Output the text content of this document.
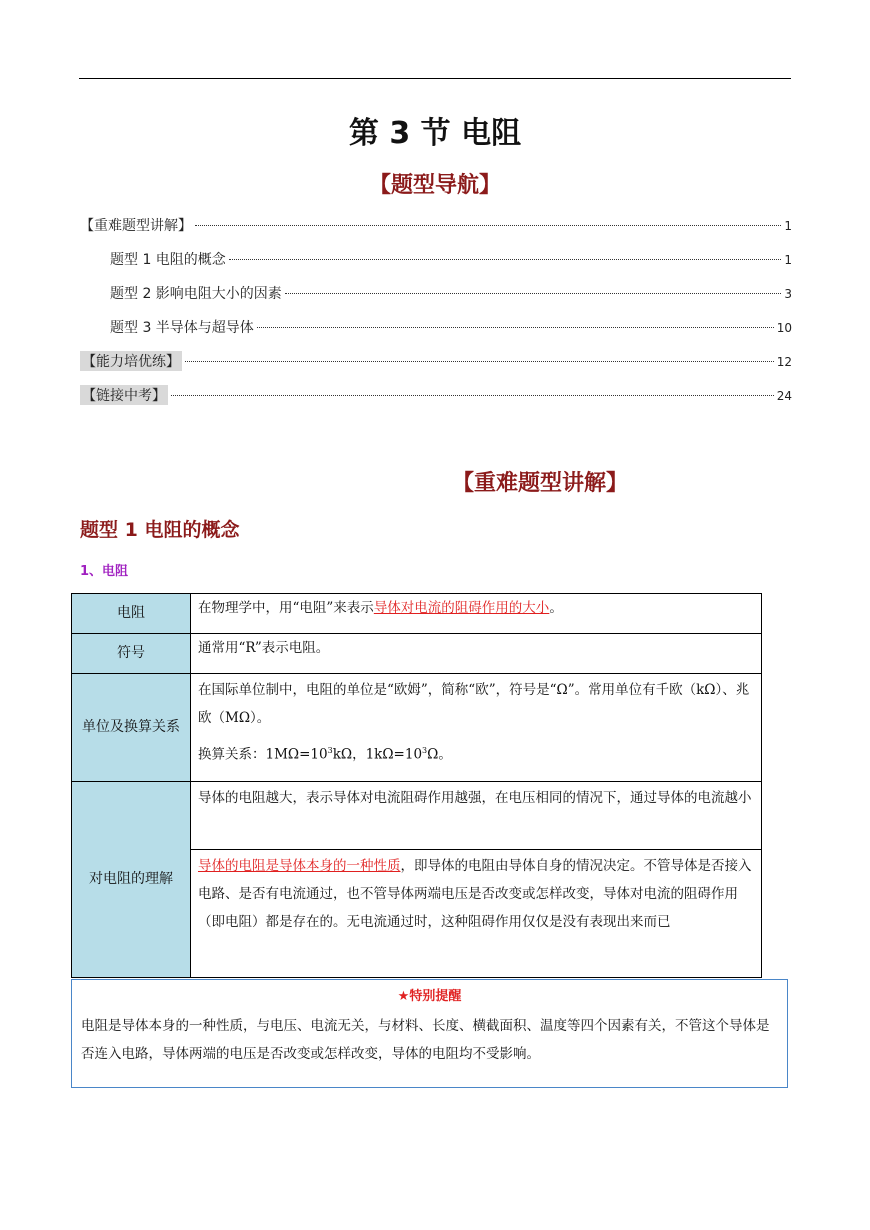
第 3 节 电阻
【题型导航】
【重难题型讲解】	1
题型 1 电阻的概念	1
题型 2 影响电阻大小的因素	3
题型 3 半导体与超导体	10
【能力培优练】	12
【链接中考】	24
【重难题型讲解】
题型 1 电阻的概念
1、电阻
电阻	在物理学中，用“电阻”来表示导体对电流的阻碍作用的大小。
符号	通常用“R”表示电阻。
单位及换算关系	在国际单位制中，电阻的单位是“欧姆”，简称“欧”，符号是“Ω”。常用单位有千欧（kΩ）、兆欧（MΩ）。
换算关系：$1M\Omega=10^3k\Omega$，$1k\Omega=10^3\Omega$。

对电阻的理解	导体的电阻越大，表示导体对电流阻碍作用越强，在电压相同的情况下，通过导体的电流越小
	导体的电阻是导体本身的一种性质，即导体的电阻由导体自身的情况决定。不管导体是否接入电路、是否有电流通过，也不管导体两端电压是否改变或怎样改变，导体对电流的阻碍作用（即电阻）都是存在的。无电流通过时，这种阻碍作用仅仅是没有表现出来而已
★特别提醒
电阻是导体本身的一种性质，与电压、电流无关，与材料、长度、横截面积、温度等四个因素有关，不管这个导体是否连入电路，导体两端的电压是否改变或怎样改变，导体的电阻均不受影响。
